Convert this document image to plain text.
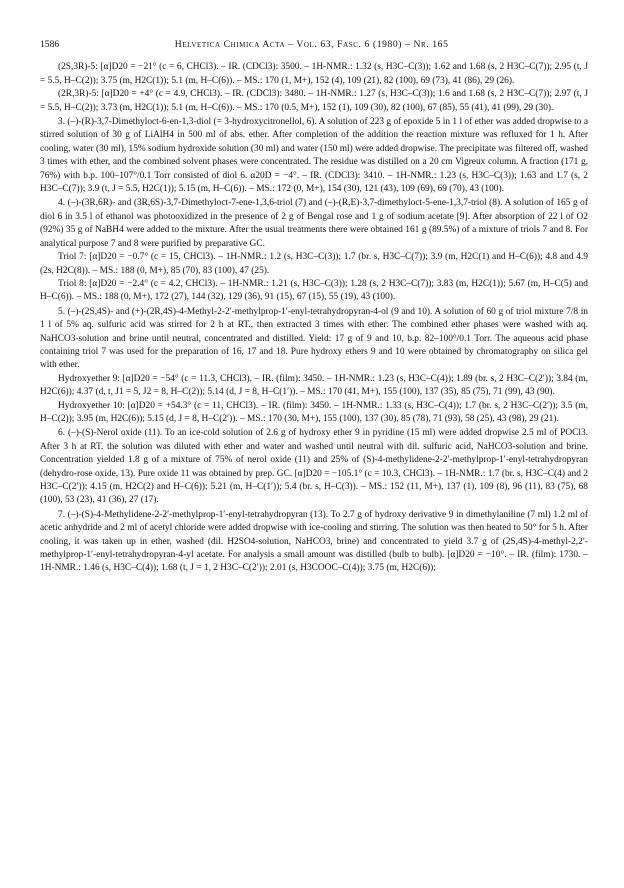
1586	Helvetica Chimica Acta – Vol. 63, Fasc. 6 (1980) – Nr. 165

(2S,3R)-5: [α]D20 = −21° (c = 6, CHCl3). – IR. (CDCl3): 3500. – 1H-NMR.: 1.32 (s, H3C–C(3)); 1.62 and 1.68 (s, 2 H3C–C(7)); 2.95 (t, J = 5.5, H–C(2)); 3.75 (m, H2C(1)); 5.1 (m, H–C(6)). – MS.: 170 (1, M+), 152 (4), 109 (21), 82 (100), 69 (73), 41 (86), 29 (26).

(2R,3R)-5: [α]D20 = +4° (c = 4.9, CHCl3). – IR. (CDCl3): 3480. – 1H-NMR.: 1.27 (s, H3C–C(3)); 1.6 and 1.68 (s, 2 H3C–C(7)); 2.97 (t, J = 5.5, H–C(2)); 3.73 (m, H2C(1)); 5.1 (m, H–C(6)). – MS.: 170 (0.5, M+), 152 (1), 109 (30), 82 (100), 67 (85), 55 (41), 41 (99), 29 (30).

3. (–)-(R)-3,7-Dimethyloct-6-en-1,3-diol (= 3-hydroxycitronellol, 6). A solution of 223 g of epoxide 5 in 1 l of ether was added dropwise to a stirred solution of 30 g of LiAlH4 in 500 ml of abs. ether. After completion of the addition the reaction mixture was refluxed for 1 h. After cooling, water (30 ml), 15% sodium hydroxide solution (30 ml) and water (150 ml) were added dropwise. The precipitate was filtered off, washed 3 times with ether, and the combined solvent phases were concentrated. The residue was distilled on a 20 cm Vigreux column. A fraction (171 g, 76%) with b.p. 100–107°/0.1 Torr consisted of diol 6. α20D = −4°. – IR. (CDCl3): 3410. – 1H-NMR.: 1.23 (s, H3C–C(3)); 1.63 and 1.7 (s, 2 H3C–C(7)); 3.9 (t, J = 5.5, H2C(1)); 5.15 (m, H–C(6)). – MS.: 172 (0, M+), 154 (30), 121 (43), 109 (69), 69 (70), 43 (100).

4. (–)-(3R,6R)- and (3R,6S)-3,7-Dimethyloct-7-ene-1,3,6-triol (7) and (–)-(R,E)-3,7-dimethyloct-5-ene-1,3,7-triol (8). A solution of 165 g of diol 6 in 3.5 l of ethanol was photooxidized in the presence of 2 g of Bengal rose and 1 g of sodium acetate [9]. After absorption of 22 l of O2 (92%) 35 g of NaBH4 were added to the mixture. After the usual treatments there were obtained 161 g (89.5%) of a mixture of triols 7 and 8. For analytical purpose 7 and 8 were purified by preparative GC.

Triol 7: [α]D20 = −0.7° (c = 15, CHCl3). – 1H-NMR.: 1.2 (s, H3C–C(3)); 1.7 (br. s, H3C–C(7)); 3.9 (m, H2C(1) and H–C(6)); 4.8 and 4.9 (2s, H2C(8)). – MS.: 188 (0, M+), 85 (70), 83 (100), 47 (25).

Triol 8: [α]D20 = −2.4° (c = 4.2, CHCl3). – 1H-NMR.: 1.21 (s, H3C–C(3)); 1.28 (s, 2 H3C–C(7)); 3.83 (m, H2C(1)); 5.67 (m, H–C(5) and H–C(6)). – MS.: 188 (0, M+), 172 (27), 144 (32), 129 (36), 91 (15), 67 (15), 55 (19), 43 (100).

5. (–)-(2S,4S)- and (+)-(2R,4S)-4-Methyl-2-2′-methylprop-1′-enyl-tetrahydropyran-4-ol (9 and 10). A solution of 60 g of triol mixture 7/8 in 1 l of 5% aq. sulfuric acid was stirred for 2 h at RT., then extracted 3 times with ether. The combined ether phases were washed with aq. NaHCO3-solution and brine until neutral, concentrated and distilled. Yield: 17 g of 9 and 10, b.p. 82–100°/0.1 Torr. The aqueous acid phase containing triol 7 was used for the preparation of 16, 17 and 18. Pure hydroxy ethers 9 and 10 were obtained by chromatography on silica gel with ether.

Hydroxyether 9: [α]D20 = −54° (c = 11.3, CHCl3). – IR. (film): 3450. – 1H-NMR.: 1.23 (s, H3C–C(4)); 1.89 (br. s, 2 H3C–C(2′)); 3.84 (m, H2C(6)); 4.37 (d, t, J1 = 5, J2 = 8, H–C(2)); 5.14 (d, J = 8, H–C(1′)). – MS.: 170 (41, M+), 155 (100), 137 (35), 85 (75), 71 (99), 43 (90).

Hydroxyether 10: [α]D20 = +54.3° (c = 11, CHCl3). – IR. (film): 3450. – 1H-NMR.: 1.33 (s, H3C–C(4)); 1.7 (br. s, 2 H3C–C(2′)); 3.5 (m, H–C(2)); 3.95 (m, H2C(6)); 5.15 (d, J = 8, H–C(2′)). – MS.: 170 (30, M+), 155 (100), 137 (30), 85 (78), 71 (93), 58 (25), 43 (98), 29 (21).

6. (–)-(S)-Nerol oxide (11). To an ice-cold solution of 2.6 g of hydroxy ether 9 in pyridine (15 ml) were added dropwise 2.5 ml of POCl3. After 3 h at RT. the solution was diluted with ether and water and washed until neutral with dil. sulfuric acid, NaHCO3-solution and brine. Concentration yielded 1.8 g of a mixture of 75% of nerol oxide (11) and 25% of (S)-4-methylidene-2-2′-methylprop-1′-enyl-tetrahydropyran (dehydro-rose oxide, 13). Pure oxide 11 was obtained by prep. GC. [α]D20 = −105.1° (c = 10.3, CHCl3). – 1H-NMR.: 1.7 (br. s, H3C–C(4) and 2 H3C–C(2′)); 4.15 (m, H2C(2) and H–C(6)); 5.21 (m, H–C(1′)); 5.4 (br. s, H–C(3)). – MS.: 152 (11, M+), 137 (1), 109 (8), 96 (11), 83 (75), 68 (100), 53 (23), 41 (36), 27 (17).

7. (–)-(S)-4-Methylidene-2-2′-methylprop-1′-enyl-tetrahydropyran (13). To 2.7 g of hydroxy derivative 9 in dimethylaniline (7 ml) 1.2 ml of acetic anhydride and 2 ml of acetyl chloride were added dropwise with ice-cooling and stirring. The solution was then heated to 50° for 5 h. After cooling, it was taken up in ether, washed (dil. H2SO4-solution, NaHCO3, brine) and concentrated to yield 3.7 g of (2S,4S)-4-methyl-2,2′-methylprop-1′-enyl-tetrahydropyran-4-yl acetate. For analysis a small amount was distilled (bulb to bulb). [α]D20 = −10°. – IR. (film): 1730. – 1H-NMR.: 1.46 (s, H3C–C(4)); 1.68 (t, J = 1, 2 H3C–C(2′)); 2.01 (s, H3COOC–C(4)); 3.75 (m, H2C(6));
